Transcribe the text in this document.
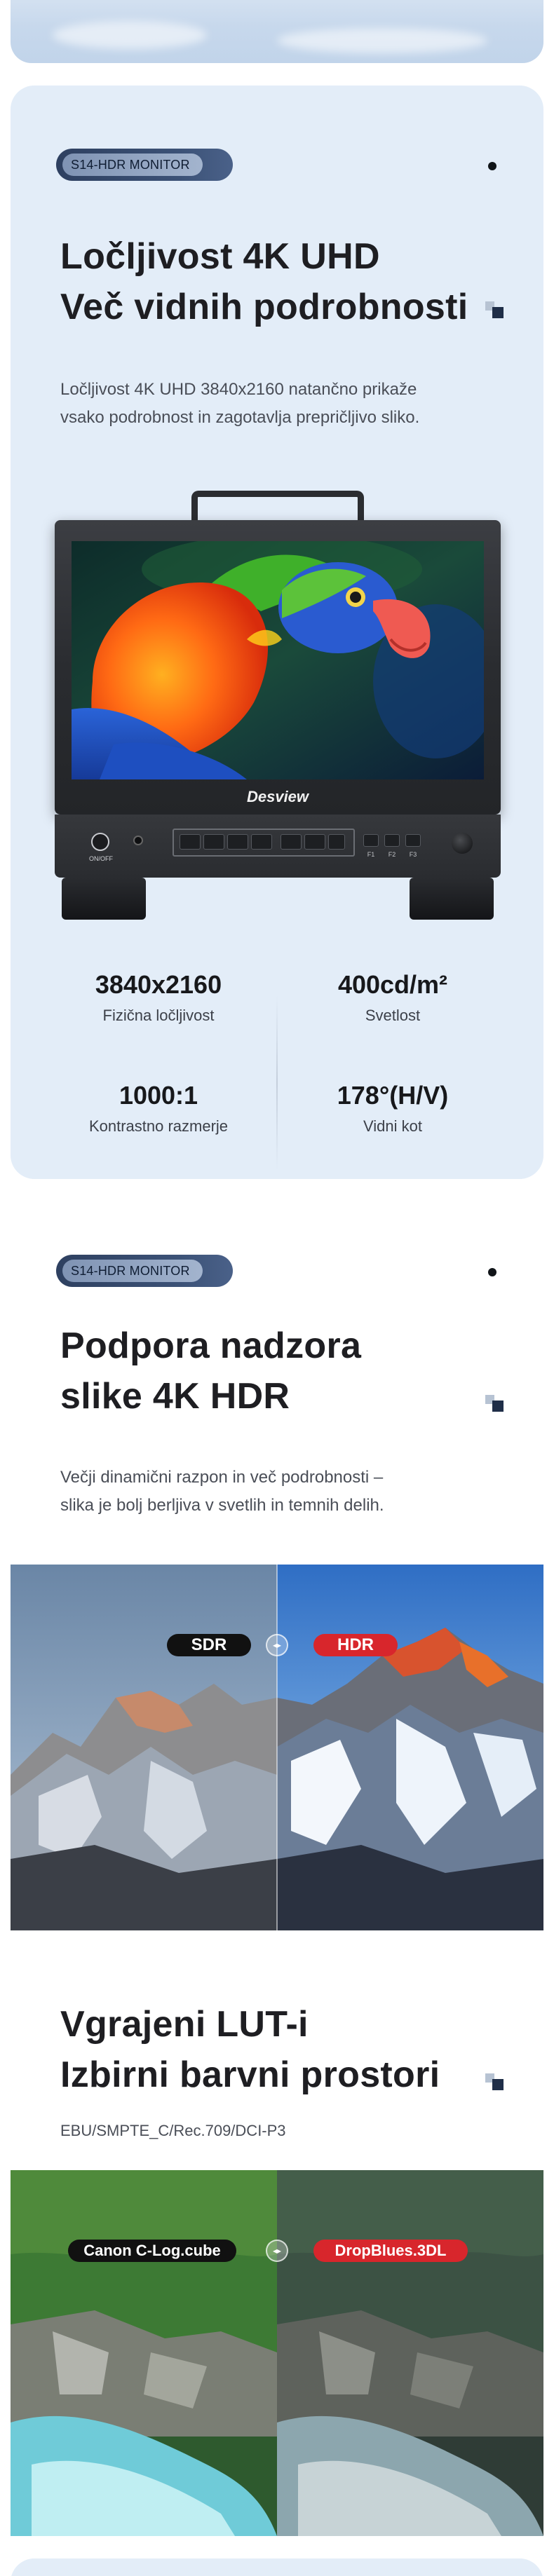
S14-HDR MONITOR
Ločljivost 4K UHD
Več vidnih podrobnosti
Ločljivost 4K UHD 3840x2160 natančno prikaže
vsako podrobnost in zagotavlja prepričljivo sliko.
Desview
ON/OFF
F1	F2	F3
3840x2160
Fizična ločljivost
400cd/m²
Svetlost
1000:1
Kontrastno razmerje
178°(H/V)
Vidni kot
S14-HDR MONITOR
Podpora nadzora
slike 4K HDR
Večji dinamični razpon in več podrobnosti –
slika je bolj berljiva v svetlih in temnih delih.
SDR	◂▸	HDR
Vgrajeni LUT-i
Izbirni barvni prostori
EBU/SMPTE_C/Rec.709/DCI-P3
Canon C-Log.cube	◂▸	DropBlues.3DL
